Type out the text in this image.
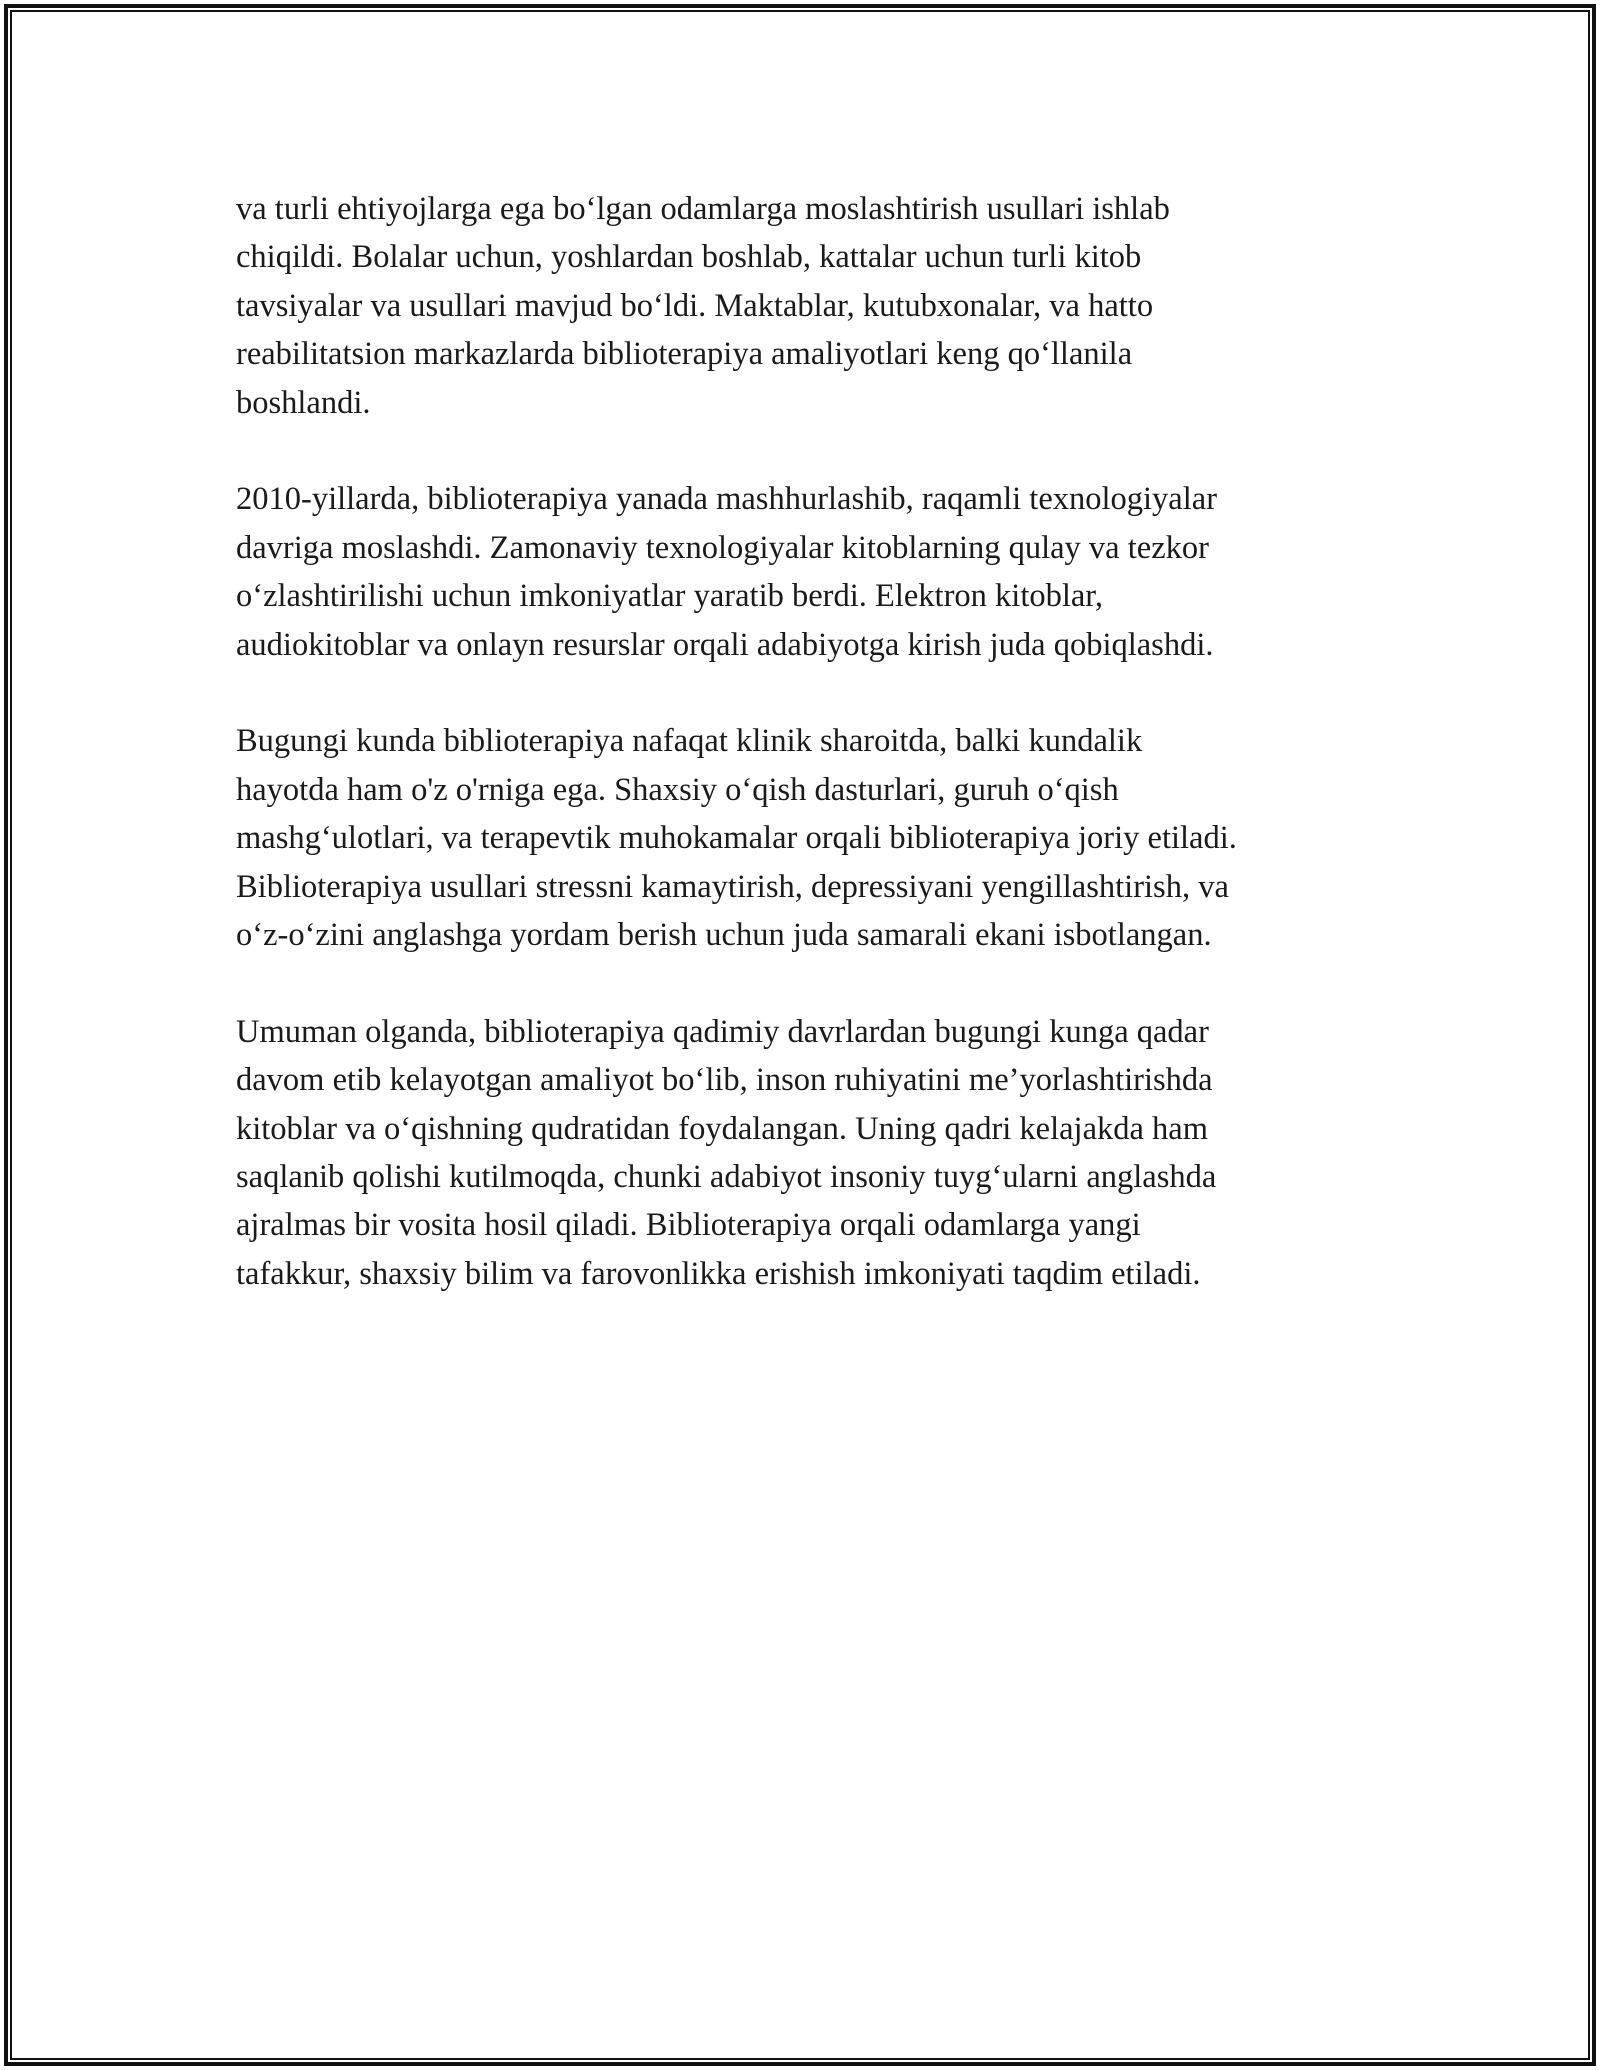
va turli ehtiyojlarga ega bo‘lgan odamlarga moslashtirish usullari ishlab
chiqildi. Bolalar uchun, yoshlardan boshlab, kattalar uchun turli kitob
tavsiyalar va usullari mavjud bo‘ldi. Maktablar, kutubxonalar, va hatto
reabilitatsion markazlarda biblioterapiya amaliyotlari keng qo‘llanila
boshlandi.

2010-yillarda, biblioterapiya yanada mashhurlashib, raqamli texnologiyalar
davriga moslashdi. Zamonaviy texnologiyalar kitoblarning qulay va tezkor
o‘zlashtirilishi uchun imkoniyatlar yaratib berdi. Elektron kitoblar,
audiokitoblar va onlayn resurslar orqali adabiyotga kirish juda qobiqlashdi.

Bugungi kunda biblioterapiya nafaqat klinik sharoitda, balki kundalik
hayotda ham o'z o'rniga ega. Shaxsiy o‘qish dasturlari, guruh o‘qish
mashg‘ulotlari, va terapevtik muhokamalar orqali biblioterapiya joriy etiladi.
Biblioterapiya usullari stressni kamaytirish, depressiyani yengillashtirish, va
o‘z-o‘zini anglashga yordam berish uchun juda samarali ekani isbotlangan.

Umuman olganda, biblioterapiya qadimiy davrlardan bugungi kunga qadar
davom etib kelayotgan amaliyot bo‘lib, inson ruhiyatini me’yorlashtirishda
kitoblar va o‘qishning qudratidan foydalangan. Uning qadri kelajakda ham
saqlanib qolishi kutilmoqda, chunki adabiyot insoniy tuyg‘ularni anglashda
ajralmas bir vosita hosil qiladi. Biblioterapiya orqali odamlarga yangi
tafakkur, shaxsiy bilim va farovonlikka erishish imkoniyati taqdim etiladi.
